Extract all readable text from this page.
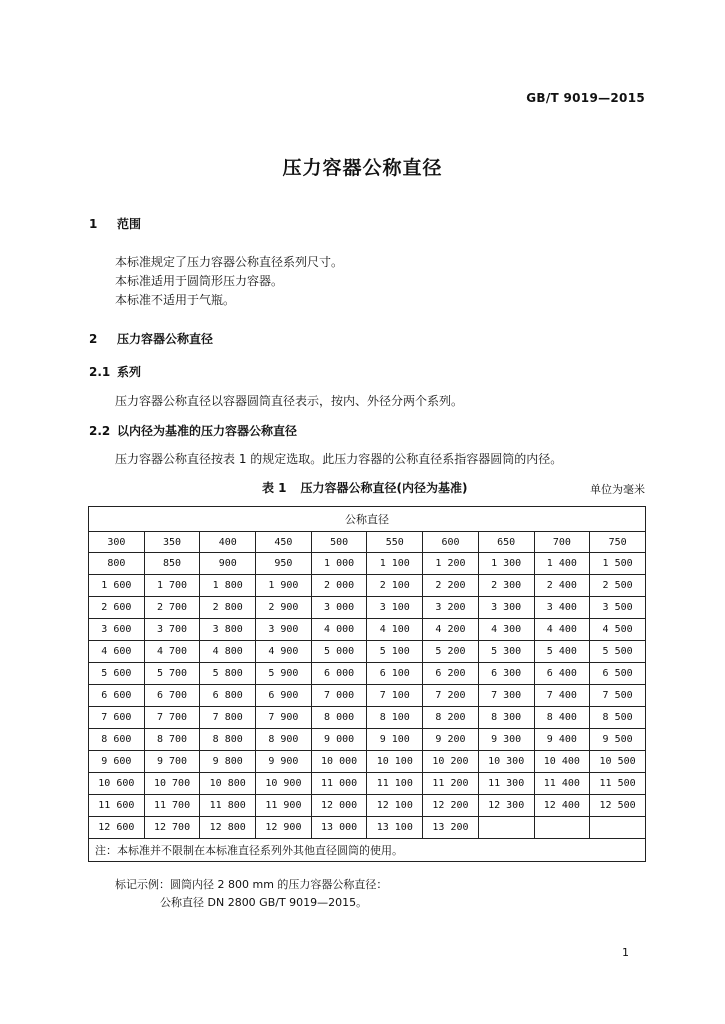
GB/T 9019—2015
压力容器公称直径
1 范围
本标准规定了压力容器公称直径系列尺寸。
本标准适用于圆筒形压力容器。
本标准不适用于气瓶。
2 压力容器公称直径
2.1 系列
压力容器公称直径以容器圆筒直径表示，按内、外径分两个系列。
2.2 以内径为基准的压力容器公称直径
压力容器公称直径按表 1 的规定选取。此压力容器的公称直径系指容器圆筒的内径。
表 1 压力容器公称直径(内径为基准)	单位为毫米
公称直径									
300	350	400	450	500	550	600	650	700	750
800	850	900	950	1 000	1 100	1 200	1 300	1 400	1 500
1 600	1 700	1 800	1 900	2 000	2 100	2 200	2 300	2 400	2 500
2 600	2 700	2 800	2 900	3 000	3 100	3 200	3 300	3 400	3 500
3 600	3 700	3 800	3 900	4 000	4 100	4 200	4 300	4 400	4 500
4 600	4 700	4 800	4 900	5 000	5 100	5 200	5 300	5 400	5 500
5 600	5 700	5 800	5 900	6 000	6 100	6 200	6 300	6 400	6 500
6 600	6 700	6 800	6 900	7 000	7 100	7 200	7 300	7 400	7 500
7 600	7 700	7 800	7 900	8 000	8 100	8 200	8 300	8 400	8 500
8 600	8 700	8 800	8 900	9 000	9 100	9 200	9 300	9 400	9 500
9 600	9 700	9 800	9 900	10 000	10 100	10 200	10 300	10 400	10 500
10 600	10 700	10 800	10 900	11 000	11 100	11 200	11 300	11 400	11 500
11 600	11 700	11 800	11 900	12 000	12 100	12 200	12 300	12 400	12 500
12 600	12 700	12 800	12 900	13 000	13 100	13 200			
注：本标准并不限制在本标准直径系列外其他直径圆筒的使用。									
标记示例：圆筒内径 2 800 mm 的压力容器公称直径：
公称直径 DN 2800 GB/T 9019—2015。
1
